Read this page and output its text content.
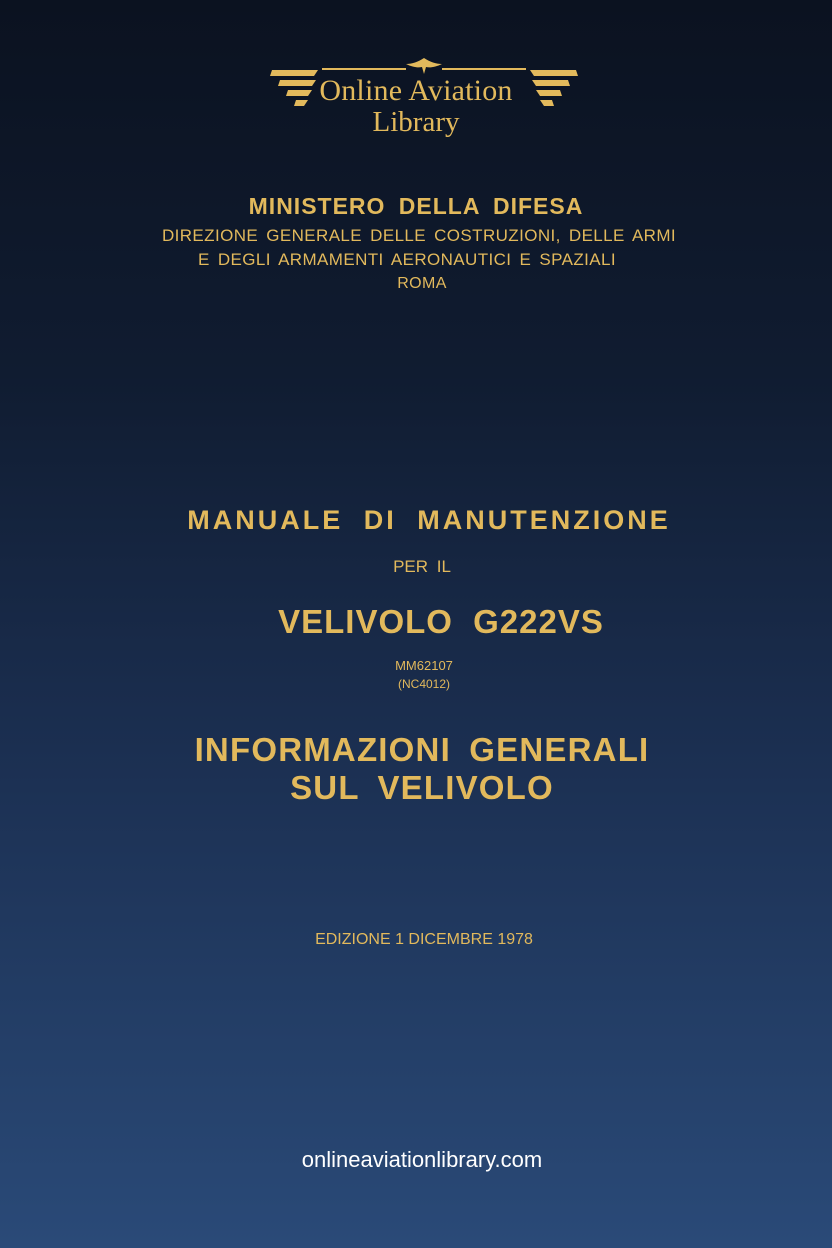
Online Aviation
Library
MINISTERO DELLA DIFESA
DIREZIONE GENERALE DELLE COSTRUZIONI, DELLE ARMI
E DEGLI ARMAMENTI AERONAUTICI E SPAZIALI
ROMA
MANUALE DI MANUTENZIONE
PER IL
VELIVOLO G222VS
MM62107
(NC4012)
INFORMAZIONI GENERALI
SUL VELIVOLO
EDIZIONE 1 DICEMBRE 1978
onlineaviationlibrary.com
